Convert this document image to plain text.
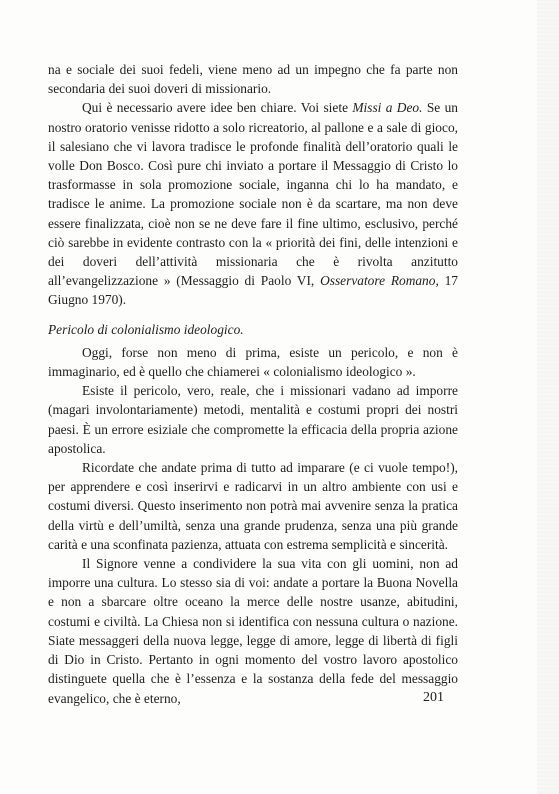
na e sociale dei suoi fedeli, viene meno ad un impegno che fa parte non secondaria dei suoi doveri di missionario.

Qui è necessario avere idee ben chiare. Voi siete Missi a Deo. Se un nostro oratorio venisse ridotto a solo ricreatorio, al pallone e a sale di gioco, il salesiano che vi lavora tradisce le profonde finalità dell’oratorio quali le volle Don Bosco. Così pure chi inviato a portare il Messaggio di Cristo lo trasformasse in sola promozione sociale, inganna chi lo ha mandato, e tradisce le anime. La promozione sociale non è da scartare, ma non deve essere finalizzata, cioè non se ne deve fare il fine ultimo, esclusivo, perché ciò sarebbe in evidente contrasto con la « priorità dei fini, delle intenzioni e dei doveri dell’attività missionaria che è rivolta anzitutto all’evangelizzazione » (Messaggio di Paolo VI, Osservatore Romano, 17 Giugno 1970).

Pericolo di colonialismo ideologico.

Oggi, forse non meno di prima, esiste un pericolo, e non è immaginario, ed è quello che chiamerei « colonialismo ideologico ».

Esiste il pericolo, vero, reale, che i missionari vadano ad imporre (magari involontariamente) metodi, mentalità e costumi propri dei nostri paesi. È un errore esiziale che compromette la efficacia della propria azione apostolica.

Ricordate che andate prima di tutto ad imparare (e ci vuole tempo!), per apprendere e così inserirvi e radicarvi in un altro ambiente con usi e costumi diversi. Questo inserimento non potrà mai avvenire senza la pratica della virtù e dell’umiltà, senza una grande prudenza, senza una più grande carità e una sconfinata pazienza, attuata con estrema semplicità e sincerità.

Il Signore venne a condividere la sua vita con gli uomini, non ad imporre una cultura. Lo stesso sia di voi: andate a portare la Buona Novella e non a sbarcare oltre oceano la merce delle nostre usanze, abitudini, costumi e civiltà. La Chiesa non si identifica con nessuna cultura o nazione. Siate messaggeri della nuova legge, legge di amore, legge di libertà di figli di Dio in Cristo. Pertanto in ogni momento del vostro lavoro apostolico distinguete quella che è l’essenza e la sostanza della fede del messaggio evangelico, che è eterno,	201
